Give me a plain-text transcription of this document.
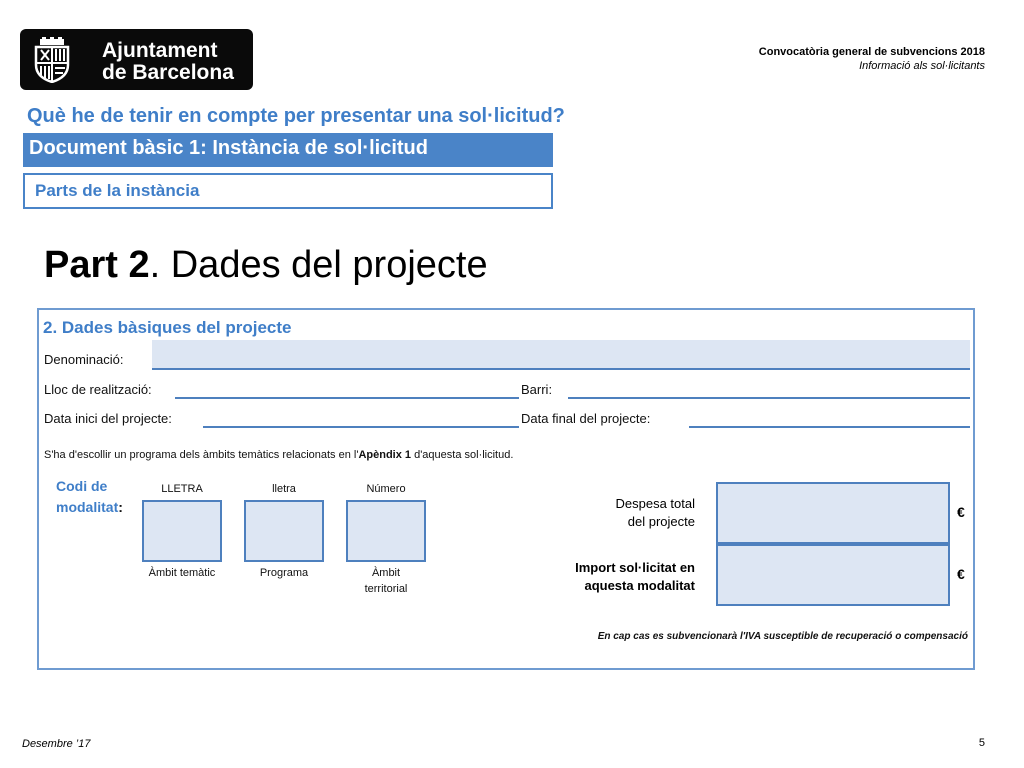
Ajuntament
de Barcelona
Convocatòria general de subvencions 2018
Informació als sol·licitants
Què he de tenir en compte per presentar una sol·licitud?
Document bàsic 1: Instància de sol·licitud
Parts de la instància
Part 2. Dades del projecte
2. Dades bàsiques del projecte
Denominació:
Lloc de realització:	Barri:
Data inici del projecte:	Data final del projecte:
S'ha d'escollir un programa dels àmbits temàtics relacionats en l'Apèndix 1 d'aquesta sol·licitud.
Codi de
modalitat:
LLETRA
Àmbit temàtic
lletra
Programa
Número
Àmbit
territorial
Despesa total
del projecte
€
Import sol·licitat en
aquesta modalitat
€
En cap cas es subvencionarà l'IVA susceptible de recuperació o compensació
Desembre ’17	5
